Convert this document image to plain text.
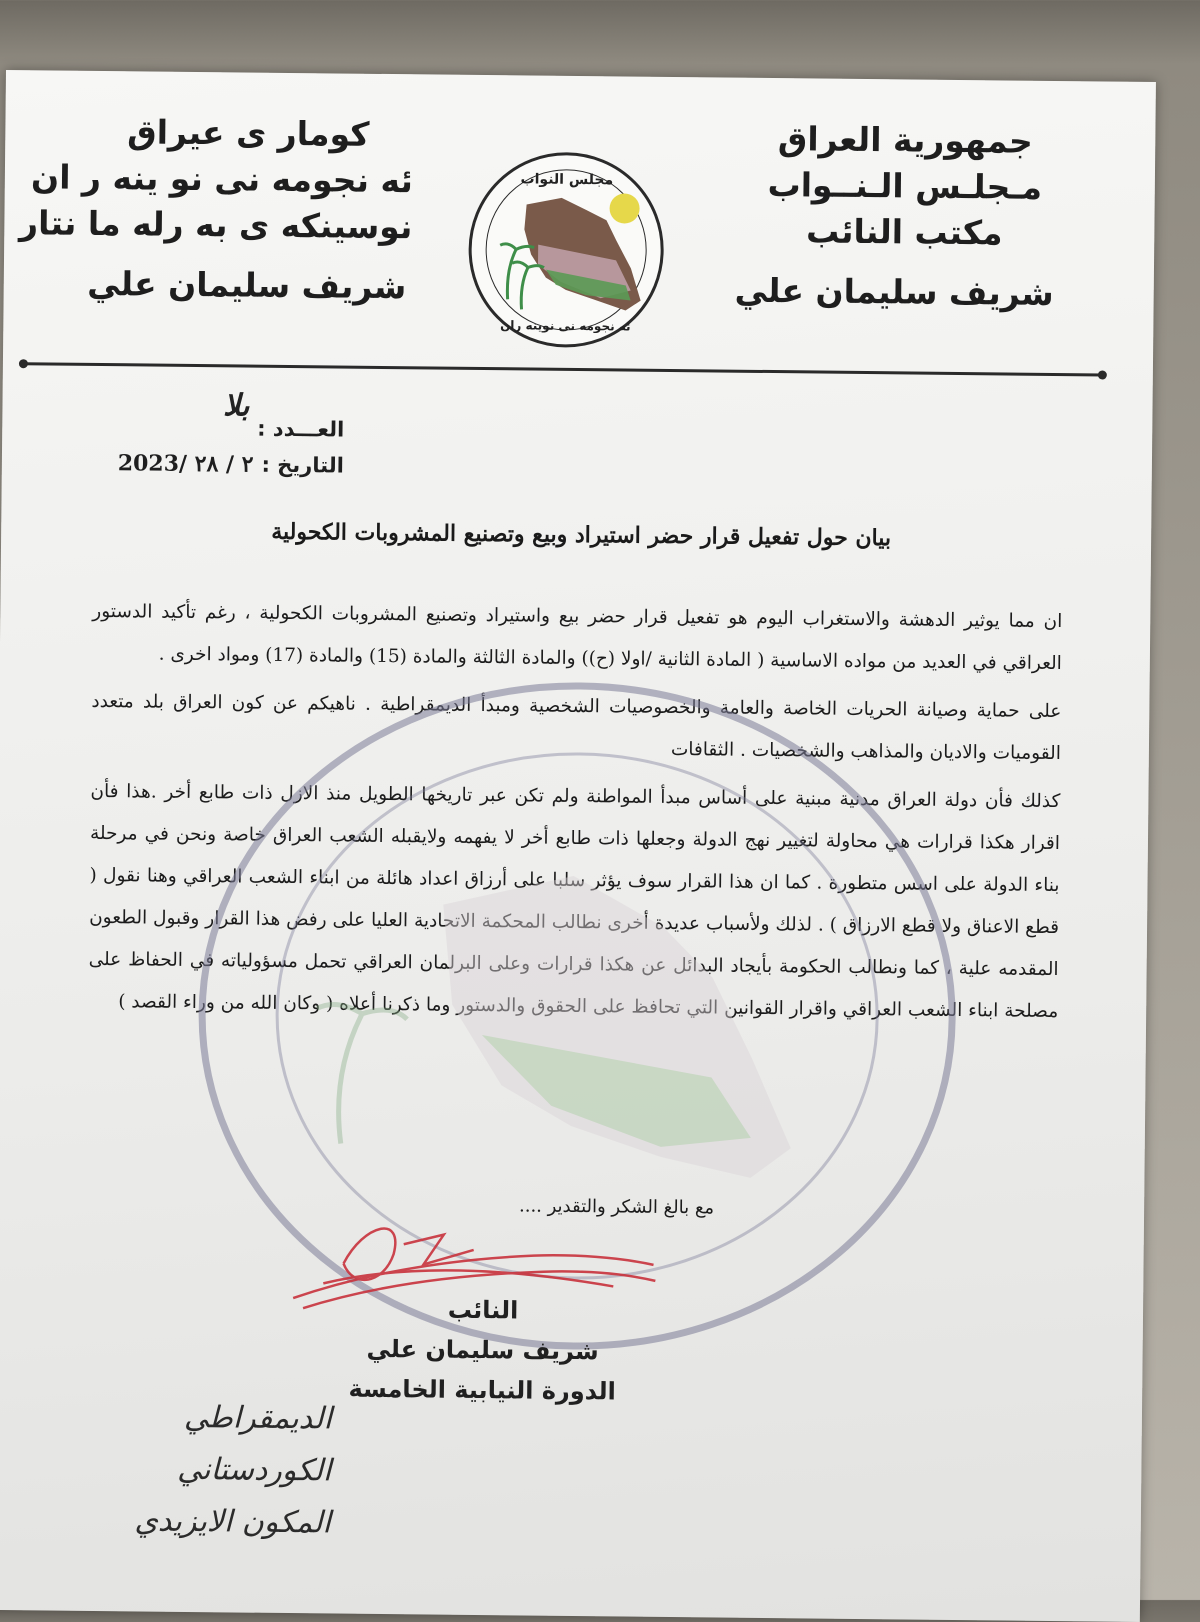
جمهورية العراق
مـجلـس الـنــواب
مكتب النائب
شريف سليمان علي
كومار ى عيراق
ئه نجومه نى نو ينه ر ان
نوسينكه ى به رله ما نتار
شريف سليمان علي
مجلس النواب
ئه نجومه نى نوينه ران
العـــدد :
بلا
التاريخ :
2023/ ٢ / ٢٨
بيان حول تفعيل قرار حضر استيراد وبيع وتصنيع المشروبات الكحولية

ان مما يوثير الدهشة والاستغراب اليوم هو تفعيل قرار حضر بيع واستيراد وتصنيع المشروبات الكحولية ، رغم تأكيد الدستور العراقي في العديد من مواده الاساسية ( المادة الثانية /اولا (ح)) والمادة الثالثة والمادة (15) والمادة (17) ومواد اخرى .

على حماية وصيانة الحريات الخاصة والعامة والخصوصيات الشخصية ومبدأ الديمقراطية . ناهيكم عن كون العراق بلد متعدد القوميات والاديان والمذاهب والشخصيات . الثقافات

كذلك فأن دولة العراق مدنية مبنية على أساس مبدأ المواطنة ولم تكن عبر تاريخها الطويل منذ الازل ذات طابع أخر .هذا فأن اقرار هكذا قرارات هي محاولة لتغيير نهج الدولة وجعلها ذات طابع أخر لا يفهمه ولايقبله الشعب العراق خاصة ونحن في مرحلة بناء الدولة على اسس متطورة . كما ان هذا القرار سوف يؤثر سلبا على أرزاق اعداد هائلة من ابناء الشعب العراقي وهنا نقول ( قطع الاعناق ولا قطع الارزاق ) . لذلك ولأسباب عديدة أخرى نطالب المحكمة الاتحادية العليا على رفض هذا القرار وقبول الطعون المقدمه علية ، كما ونطالب الحكومة بأيجاد البدائل عن هكذا قرارات وعلى البرلمان العراقي تحمل مسؤولياته في الحفاظ على مصلحة ابناء الشعب العراقي واقرار القوانين التي تحافظ على الحقوق والدستور وما ذكرنا أعلاه ( وكان الله من وراء القصد )

مع بالغ الشكر والتقدير ....
النائب
شريف سليمان علي
الدورة النيابية الخامسة
الديمقراطي الكوردستاني
المكون الايزيدي
